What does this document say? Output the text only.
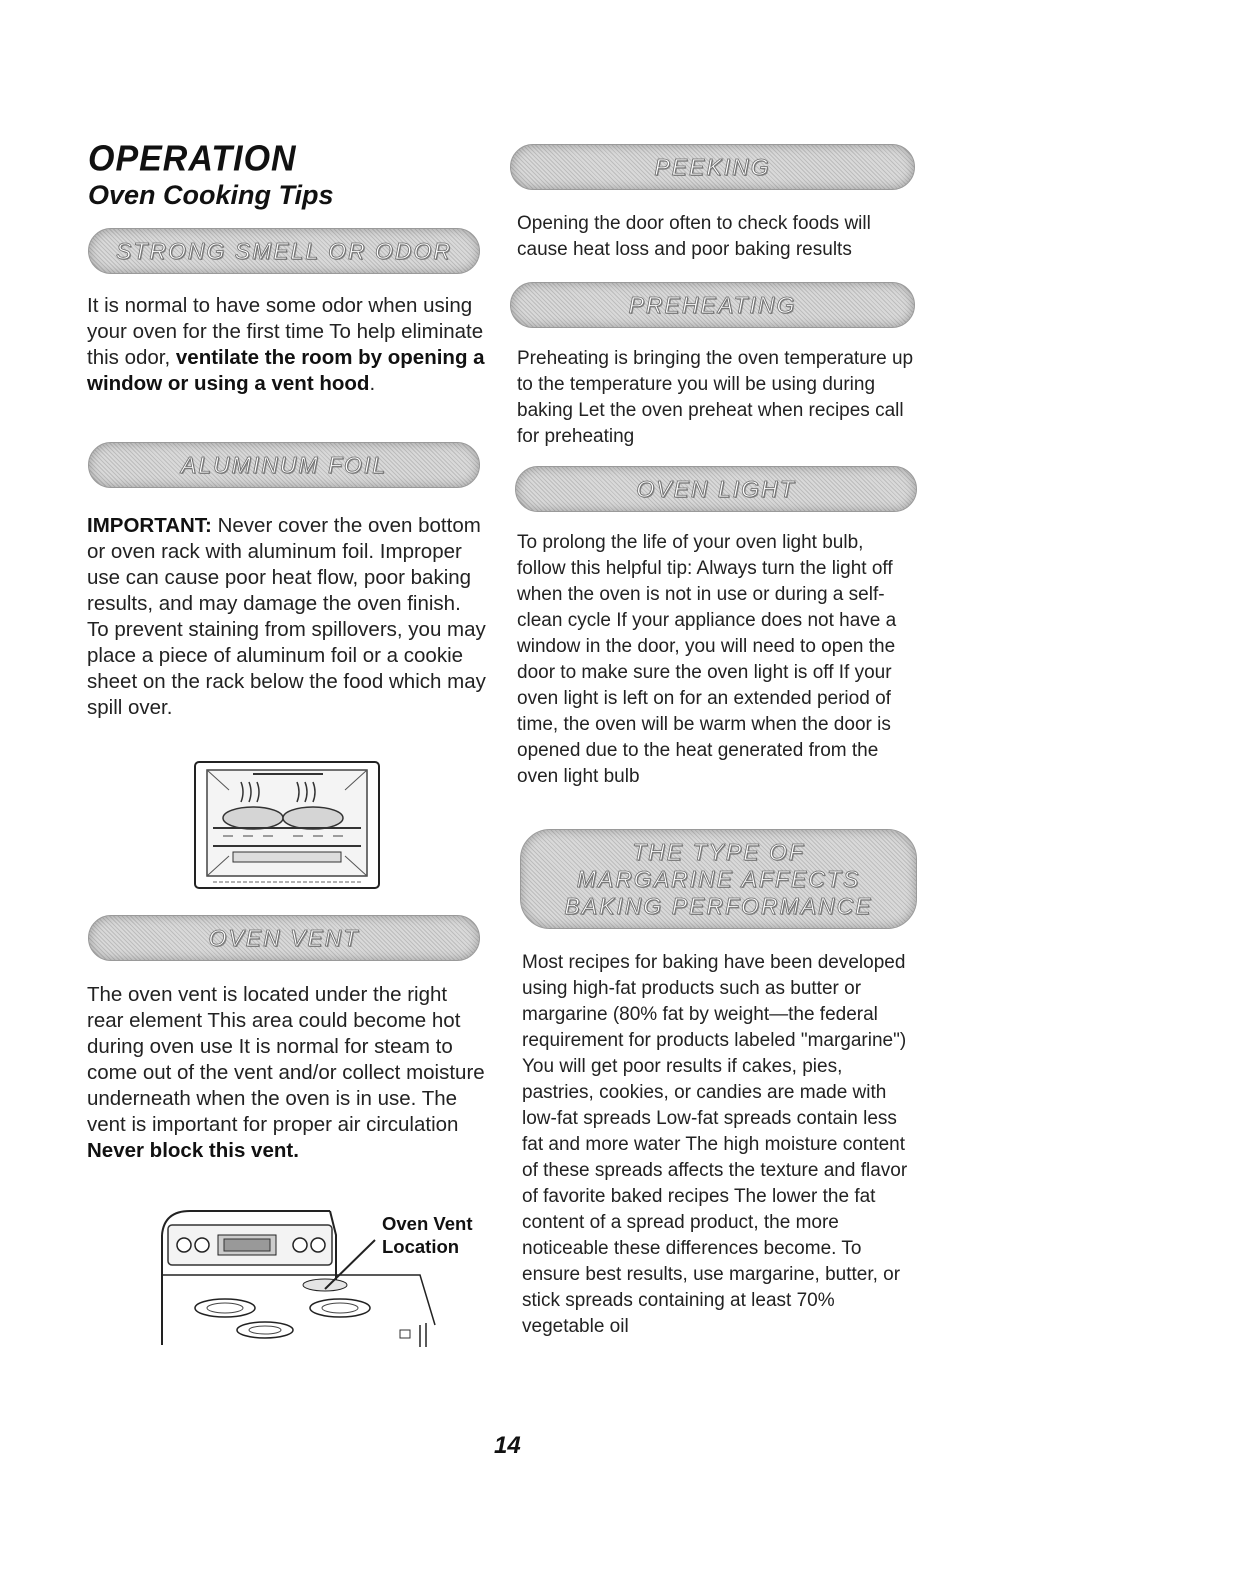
OPERATION
Oven Cooking Tips
STRONG SMELL OR ODOR
It is normal to have some odor when using your oven for the first time To help eliminate this odor, ventilate the room by opening a window or using a vent hood.
ALUMINUM FOIL
IMPORTANT: Never cover the oven bottom or oven rack with aluminum foil. Improper use can cause poor heat flow, poor baking results, and may damage the oven finish. To prevent staining from spillovers, you may place a piece of aluminum foil or a cookie sheet on the rack below the food which may spill over.
OVEN VENT
The oven vent is located under the right rear element This area could become hot during oven use It is normal for steam to come out of the vent and/or collect moisture underneath when the oven is in use. The vent is important for proper air circulation Never block this vent.
Oven Vent
Location
PEEKING
Opening the door often to check foods will cause heat loss and poor baking results
PREHEATING
Preheating is bringing the oven temperature up to the temperature you will be using during baking Let the oven preheat when recipes call for preheating
OVEN LIGHT
To prolong the life of your oven light bulb, follow this helpful tip: Always turn the light off when the oven is not in use or during a self-clean cycle If your appliance does not have a window in the door, you will need to open the door to make sure the oven light is off If your oven light is left on for an extended period of time, the oven will be warm when the door is opened due to the heat generated from the oven light bulb
THE TYPE OF
MARGARINE AFFECTS
BAKING PERFORMANCE
Most recipes for baking have been developed using high-fat products such as butter or margarine (80% fat by weight—the federal requirement for products labeled "margarine") You will get poor results if cakes, pies, pastries, cookies, or candies are made with low-fat spreads Low-fat spreads contain less fat and more water The high moisture content of these spreads affects the texture and flavor of favorite baked recipes The lower the fat content of a spread product, the more noticeable these differences become. To ensure best results, use margarine, butter, or stick spreads containing at least 70% vegetable oil
14
